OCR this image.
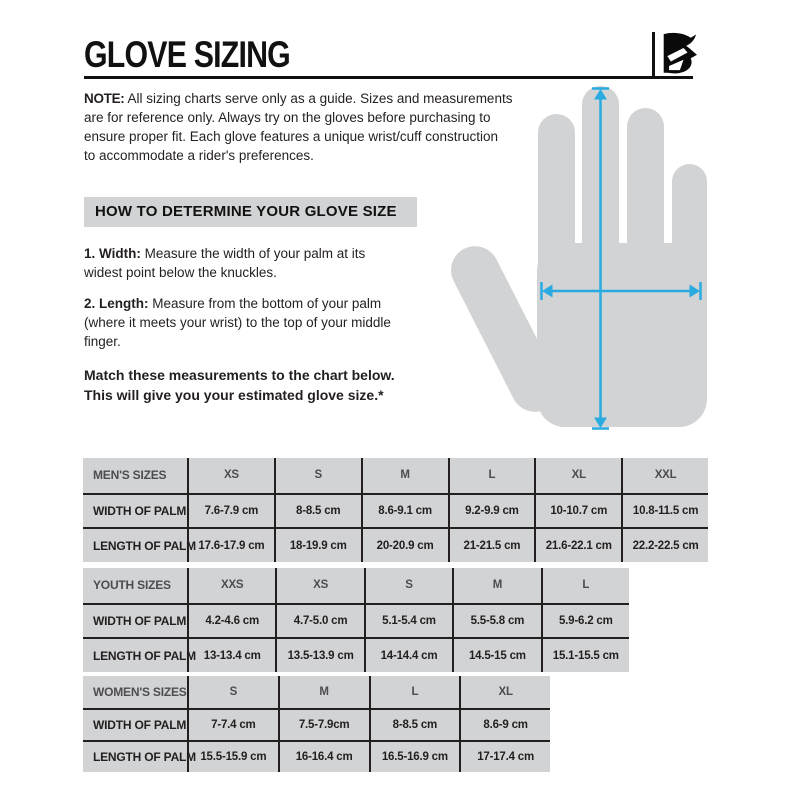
GLOVE SIZING
NOTE: All sizing charts serve only as a guide. Sizes and measurements
are for reference only. Always try on the gloves before purchasing to
ensure proper fit. Each glove features a unique wrist/cuff construction
to accommodate a rider's preferences.
HOW TO DETERMINE YOUR GLOVE SIZE
1. Width: Measure the width of your palm at its
widest point below the knuckles.
2. Length: Measure from the bottom of your palm
(where it meets your wrist) to the top of your middle
finger.
Match these measurements to the chart below.
This will give you your estimated glove size.*
MEN'S SIZES	XS	S	M	L	XL	XXL
WIDTH OF PALM	7.6-7.9 cm	8-8.5 cm	8.6-9.1 cm	9.2-9.9 cm	10-10.7 cm	10.8-11.5 cm
LENGTH OF PALM 17.6-17.9 cm	18-19.9 cm	20-20.9 cm	21-21.5 cm	21.6-22.1 cm	22.2-22.5 cm
YOUTH SIZES	XXS	XS	S	M	L
WIDTH OF PALM	4.2-4.6 cm	4.7-5.0 cm	5.1-5.4 cm	5.5-5.8 cm	5.9-6.2 cm
LENGTH OF PALM 13-13.4 cm	13.5-13.9 cm	14-14.4 cm	14.5-15 cm	15.1-15.5 cm
WOMEN'S SIZES	S	M	L	XL
WIDTH OF PALM	7-7.4 cm	7.5-7.9cm	8-8.5 cm	8.6-9 cm
LENGTH OF PALM 15.5-15.9 cm	16-16.4 cm	16.5-16.9 cm	17-17.4 cm
